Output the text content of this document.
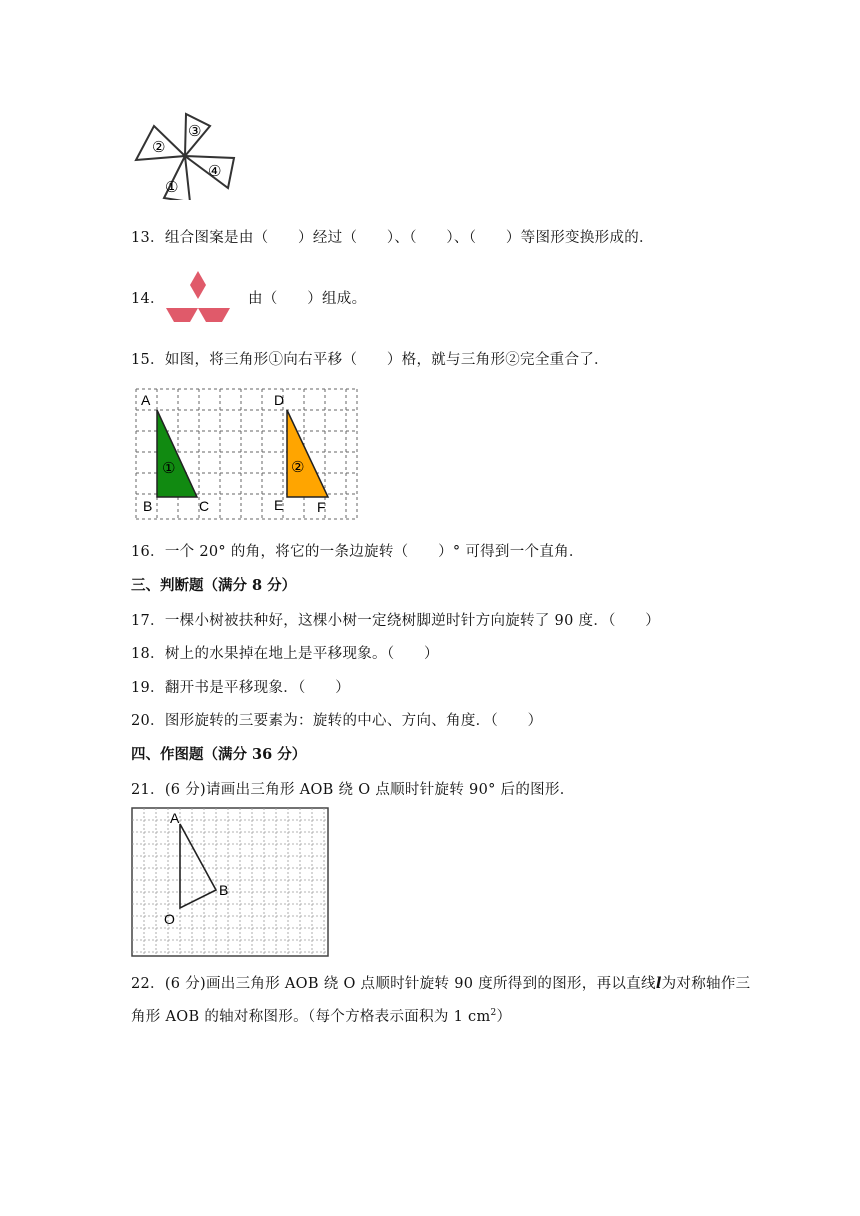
②
③
④
①
13．组合图案是由（　　）经过（　　）、（　　）、（　　）等图形变换形成的．
14．	由（　　）组成。
15．如图，将三角形①向右平移（　　）格，就与三角形②完全重合了．
①	②
A
B	C
D
E F
16．一个 20° 的角，将它的一条边旋转（　　）° 可得到一个直角．
三、判断题（满分 8 分）
17．一棵小树被扶种好，这棵小树一定绕树脚逆时针方向旋转了 90 度．（　　）
18．树上的水果掉在地上是平移现象。（　　）
19．翻开书是平移现象．（　　）
20．图形旋转的三要素为：旋转的中心、方向、角度．（　　）
四、作图题（满分 36 分）
21．(6 分)请画出三角形 AOB 绕 O 点顺时针旋转 90° 后的图形．
A
B
O
22．(6 分)画出三角形 AOB 绕 O 点顺时针旋转 90 度所得到的图形，再以直线l为对称轴作三
角形 AOB 的轴对称图形。（每个方格表示面积为 1 $cm^2$）
